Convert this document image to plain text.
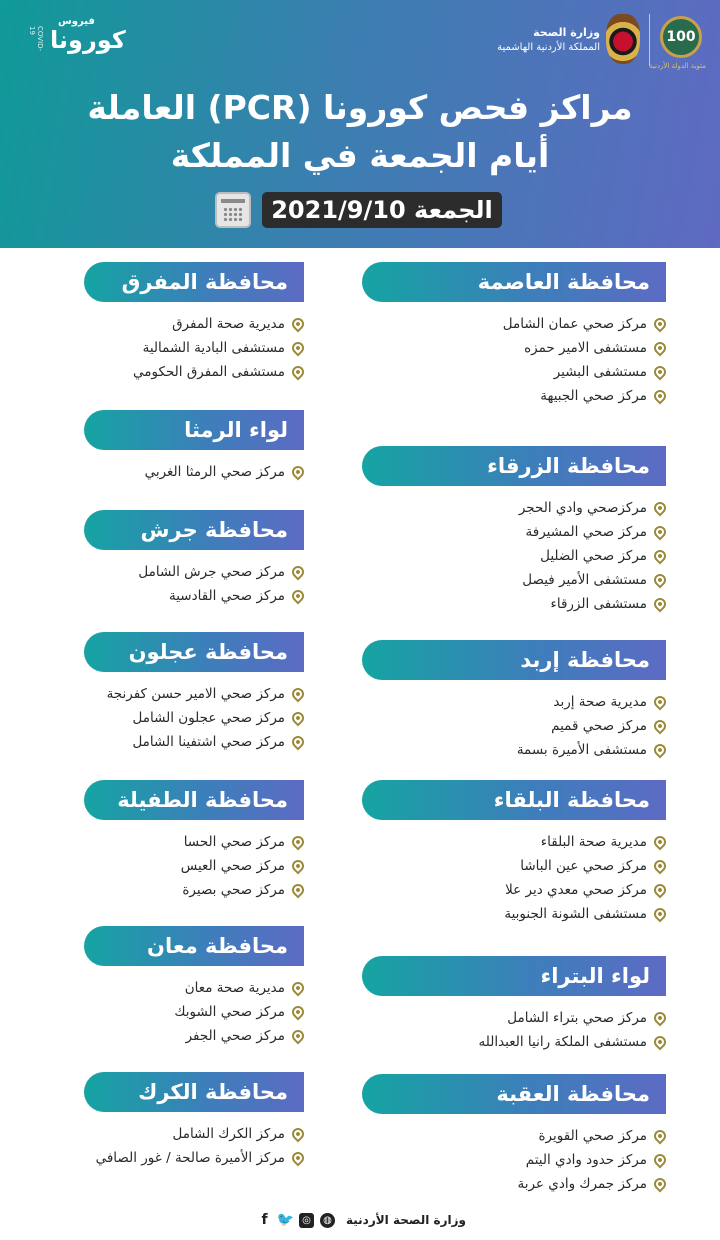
فيروس
كورونا
COVID-19	وزارة الصحة
المملكة الأردنية الهاشمية
100
مئوية الدولة الأردنية
مراكز فحص كورونا (PCR) العاملة
أيام الجمعة في المملكة
الجمعة 2021/9/10
محافظة العاصمة
مركز صحي عمان الشامل
مستشفى الامير حمزه
مستشفى البشير
مركز صحي الجبيهة
محافظة الزرقاء
مركزصحي وادي الحجر
مركز صحي المشيرفة
مركز صحي الضليل
مستشفى الأمير فيصل
مستشفى الزرقاء
محافظة إربد
مديرية صحة إربد
مركز صحي قميم
مستشفى الأميرة بسمة
محافظة البلقاء
مديرية صحة البلقاء
مركز صحي عين الباشا
مركز صحي معدي دير علا
مستشفى الشونة الجنوبية
لواء البتراء
مركز صحي بتراء الشامل
مستشفى الملكة رانيا العبدالله
محافظة العقبة
مركز صحي القويرة
مركز حدود وادي اليتم
مركز جمرك وادي عربة
محافظة المفرق
مديرية صحة المفرق
مستشفى البادية الشمالية
مستشفى المفرق الحكومي
لواء الرمثا
مركز صحي الرمثا الغربي
محافظة جرش
مركز صحي جرش الشامل
مركز صحي القادسية
محافظة عجلون
مركز صحي الامير حسن كفرنجة
مركز صحي عجلون الشامل
مركز صحي اشتفينا الشامل
محافظة الطفيلة
مركز صحي الحسا
مركز صحي العيس
مركز صحي بصيرة
محافظة معان
مديرية صحة معان
مركز صحي الشوبك
مركز صحي الجفر
محافظة الكرك
مركز الكرك الشامل
مركز الأميرة صالحة / غور الصافي
وزارة الصحة الأردنية
◍
◎
🐦
f
